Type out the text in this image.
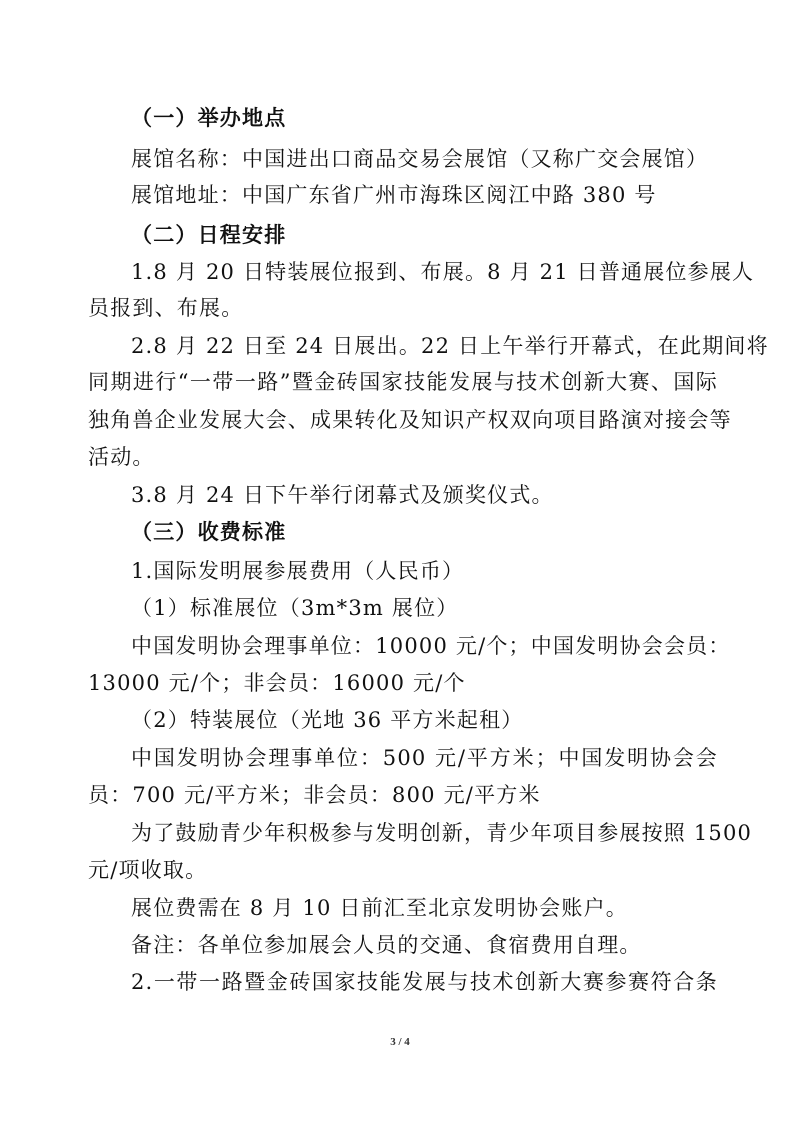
（一）举办地点
展馆名称：中国进出口商品交易会展馆（又称广交会展馆）
展馆地址：中国广东省广州市海珠区阅江中路 380 号
（二）日程安排
1.8 月 20 日特装展位报到、布展。8 月 21 日普通展位参展人
员报到、布展。
2.8 月 22 日至 24 日展出。22 日上午举行开幕式，在此期间将
同期进行“一带一路”暨金砖国家技能发展与技术创新大赛、国际
独角兽企业发展大会、成果转化及知识产权双向项目路演对接会等
活动。
3.8 月 24 日下午举行闭幕式及颁奖仪式。
（三）收费标准
1.国际发明展参展费用（人民币）
（1）标准展位（3m*3m 展位）
中国发明协会理事单位：10000 元/个；中国发明协会会员：
13000 元/个；非会员：16000 元/个
（2）特装展位（光地 36 平方米起租）
中国发明协会理事单位：500 元/平方米；中国发明协会会
员：700 元/平方米；非会员：800 元/平方米
为了鼓励青少年积极参与发明创新，青少年项目参展按照 1500
元/项收取。
展位费需在 8 月 10 日前汇至北京发明协会账户。
备注：各单位参加展会人员的交通、食宿费用自理。
2.一带一路暨金砖国家技能发展与技术创新大赛参赛符合条
3 / 4
